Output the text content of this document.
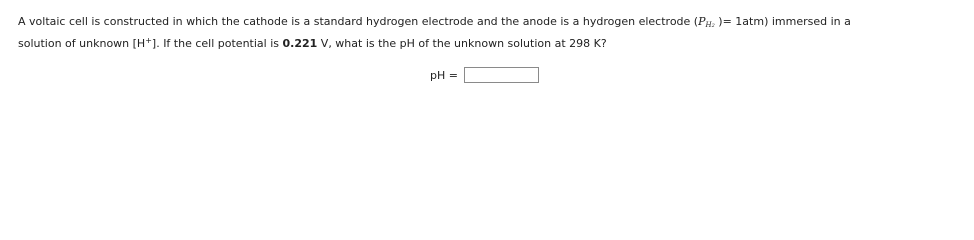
A voltaic cell is constructed in which the cathode is a standard hydrogen electrode and the anode is a hydrogen electrode ($P_{H2}$ )= 1atm) immersed in a
solution of unknown [H+]. If the cell potential is 0.221 V, what is the pH of the unknown solution at 298 K?

pH =
